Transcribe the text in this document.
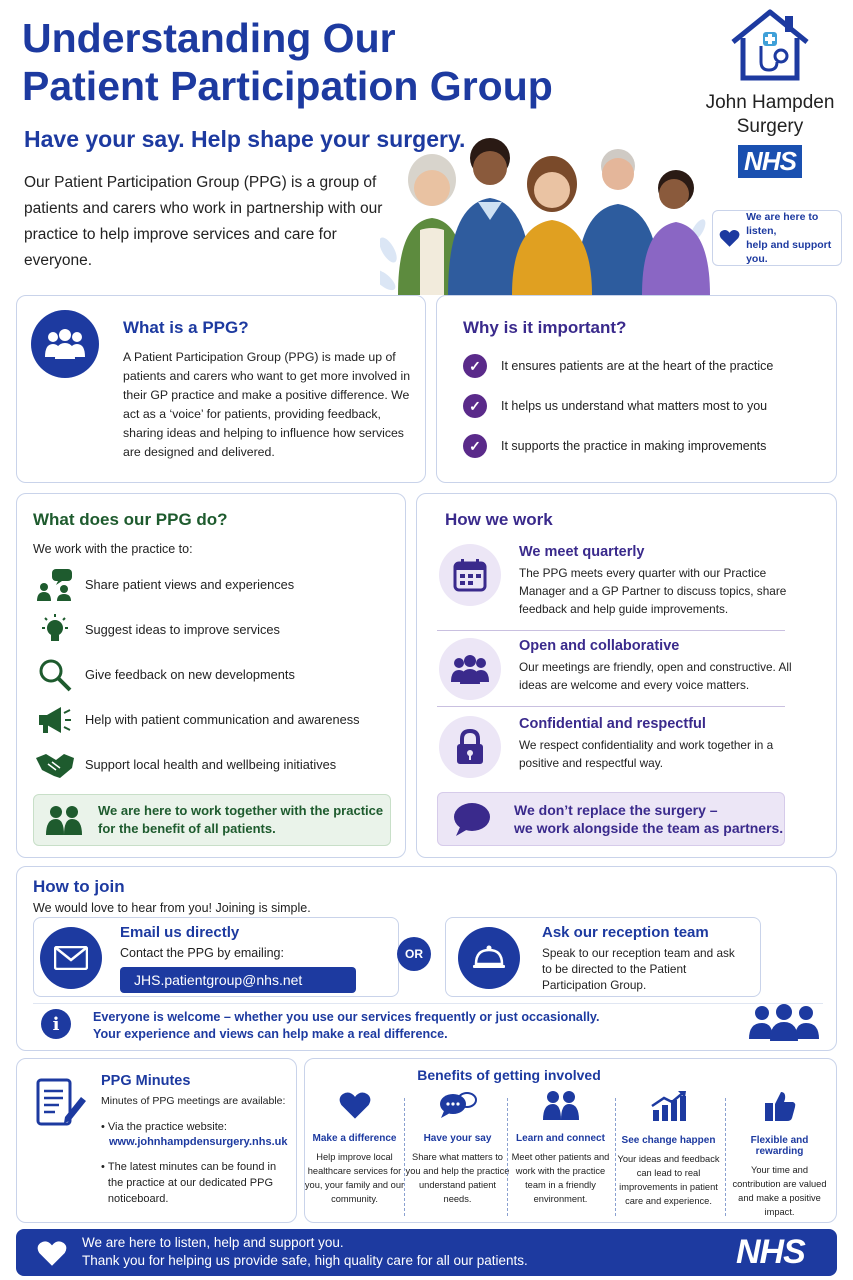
Understanding Our
Patient Participation Group
Have your say. Help shape your surgery.
Our Patient Participation Group (PPG) is a group of patients and carers who work in partnership with our practice to help improve services and care for everyone.
John Hampden
Surgery
NHS
We are here to listen,
help and support you.
What is a PPG?
A Patient Participation Group (PPG) is made up of patients and carers who want to get more involved in their GP practice and make a positive difference. We act as a ‘voice’ for patients, providing feedback, sharing ideas and helping to influence how services are designed and delivered.
Why is it important?
✓	It ensures patients are at the heart of the practice
✓	It helps us understand what matters most to you
✓	It supports the practice in making improvements
What does our PPG do?
We work with the practice to:
Share patient views and experiences
Suggest ideas to improve services
Give feedback on new developments
Help with patient communication and awareness
Support local health and wellbeing initiatives
We are here to work together with the practice
for the benefit of all patients.
How we work
We meet quarterly

The PPG meets every quarter with our Practice Manager and a GP Partner to discuss topics, share feedback and help guide improvements.

Open and collaborative

Our meetings are friendly, open and constructive. All ideas are welcome and every voice matters.

Confidential and respectful

We respect confidentiality and work together in a positive and respectful way.

We don’t replace the surgery –
we work alongside the team as partners.
How to join
We would love to hear from you! Joining is simple.
Email us directly
Contact the PPG by emailing:
JHS.patientgroup@nhs.net
OR
Ask our reception team
Speak to our reception team and ask to be directed to the Patient Participation Group.
i	Everyone is welcome – whether you use our services frequently or just occasionally.
Your experience and views can help make a real difference.
PPG Minutes
Minutes of PPG meetings are available:
• Via the practice website:
www.johnhampdensurgery.nhs.uk
• The latest minutes can be found in the practice at our dedicated PPG noticeboard.
Benefits of getting involved
Make a difference

Help improve local healthcare services for you, your family and our community.

Have your say

Share what matters to you and help the practice understand patient needs.

Learn and connect

Meet other patients and work with the practice team in a friendly environment.

See change happen

Your ideas and feedback can lead to real improvements in patient care and experience.

Flexible and rewarding

Your time and contribution are valued and make a positive impact.

We are here to listen, help and support you.
Thank you for helping us provide safe, high quality care for all our patients.	NHS
